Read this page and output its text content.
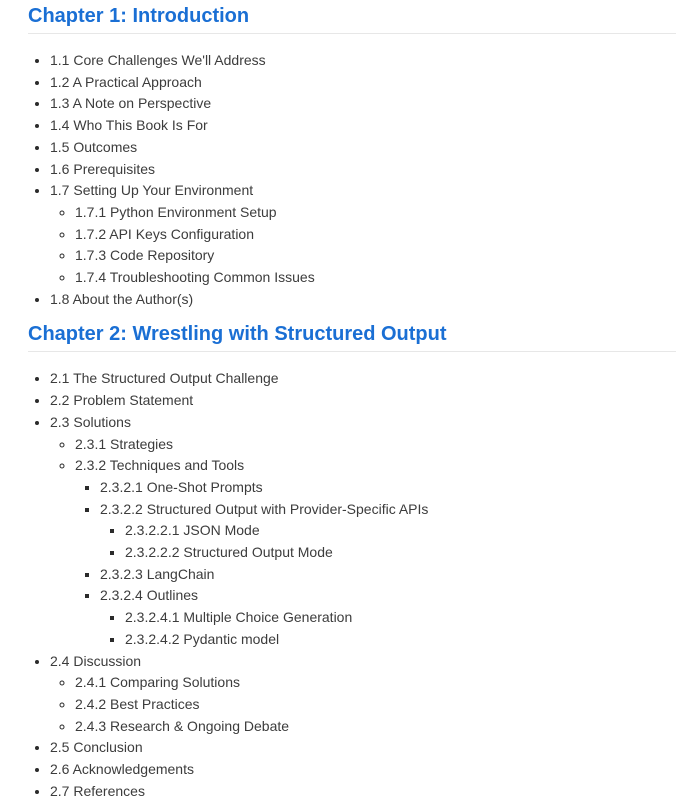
Chapter 1: Introduction
• 1.1 Core Challenges We'll Address
• 1.2 A Practical Approach
• 1.3 A Note on Perspective
• 1.4 Who This Book Is For
• 1.5 Outcomes
• 1.6 Prerequisites
• 1.7 Setting Up Your Environment
◦ 1.7.1 Python Environment Setup
◦ 1.7.2 API Keys Configuration
◦ 1.7.3 Code Repository
◦ 1.7.4 Troubleshooting Common Issues
• 1.8 About the Author(s)
Chapter 2: Wrestling with Structured Output
• 2.1 The Structured Output Challenge
• 2.2 Problem Statement
• 2.3 Solutions
◦ 2.3.1 Strategies
◦ 2.3.2 Techniques and Tools
▪ 2.3.2.1 One-Shot Prompts
▪ 2.3.2.2 Structured Output with Provider-Specific APIs
▪ 2.3.2.2.1 JSON Mode
▪ 2.3.2.2.2 Structured Output Mode
▪ 2.3.2.3 LangChain
▪ 2.3.2.4 Outlines
▪ 2.3.2.4.1 Multiple Choice Generation
▪ 2.3.2.4.2 Pydantic model
• 2.4 Discussion
◦ 2.4.1 Comparing Solutions
◦ 2.4.2 Best Practices
◦ 2.4.3 Research & Ongoing Debate
• 2.5 Conclusion
• 2.6 Acknowledgements
• 2.7 References
